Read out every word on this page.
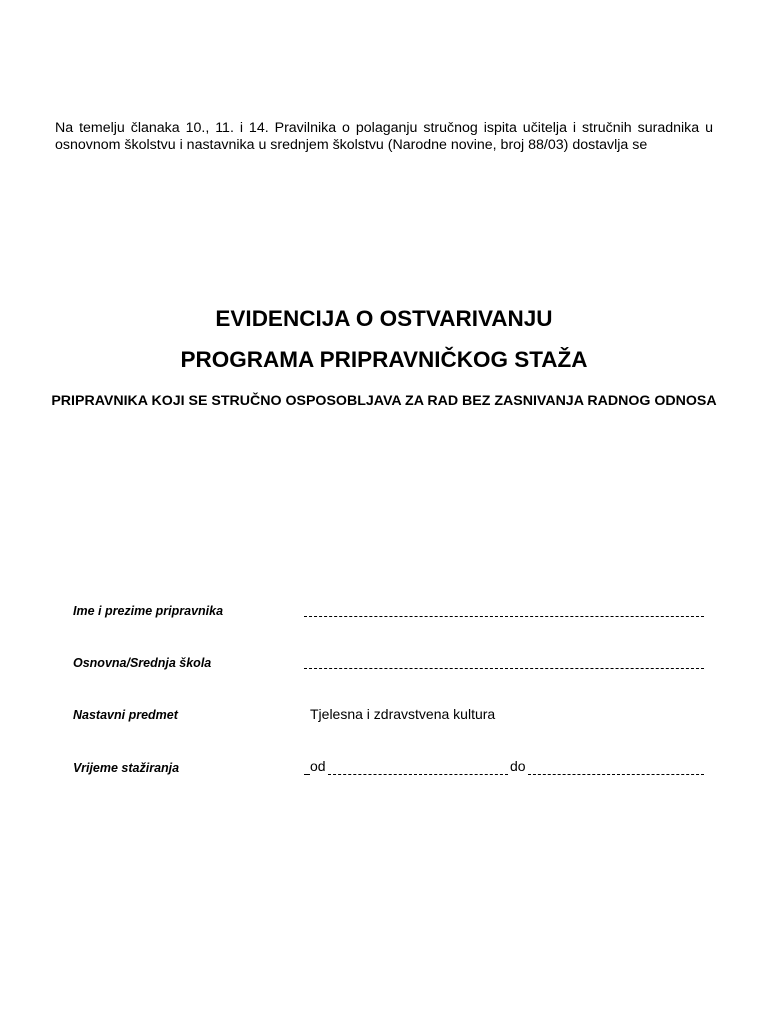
Na temelju članaka 10., 11. i 14. Pravilnika o polaganju stručnog ispita učitelja i stručnih suradnika u osnovnom školstvu i nastavnika u srednjem školstvu (Narodne novine, broj 88/03) dostavlja se
EVIDENCIJA O OSTVARIVANJU
PROGRAMA PRIPRAVNIČKOG STAŽA
PRIPRAVNIKA KOJI SE STRUČNO OSPOSOBLJAVA ZA RAD BEZ ZASNIVANJA RADNOG ODNOSA
Ime i prezime pripravnika
Osnovna/Srednja škola
Nastavni predmet	Tjelesna i zdravstvena kultura
Vrijeme stažiranja	od	do
